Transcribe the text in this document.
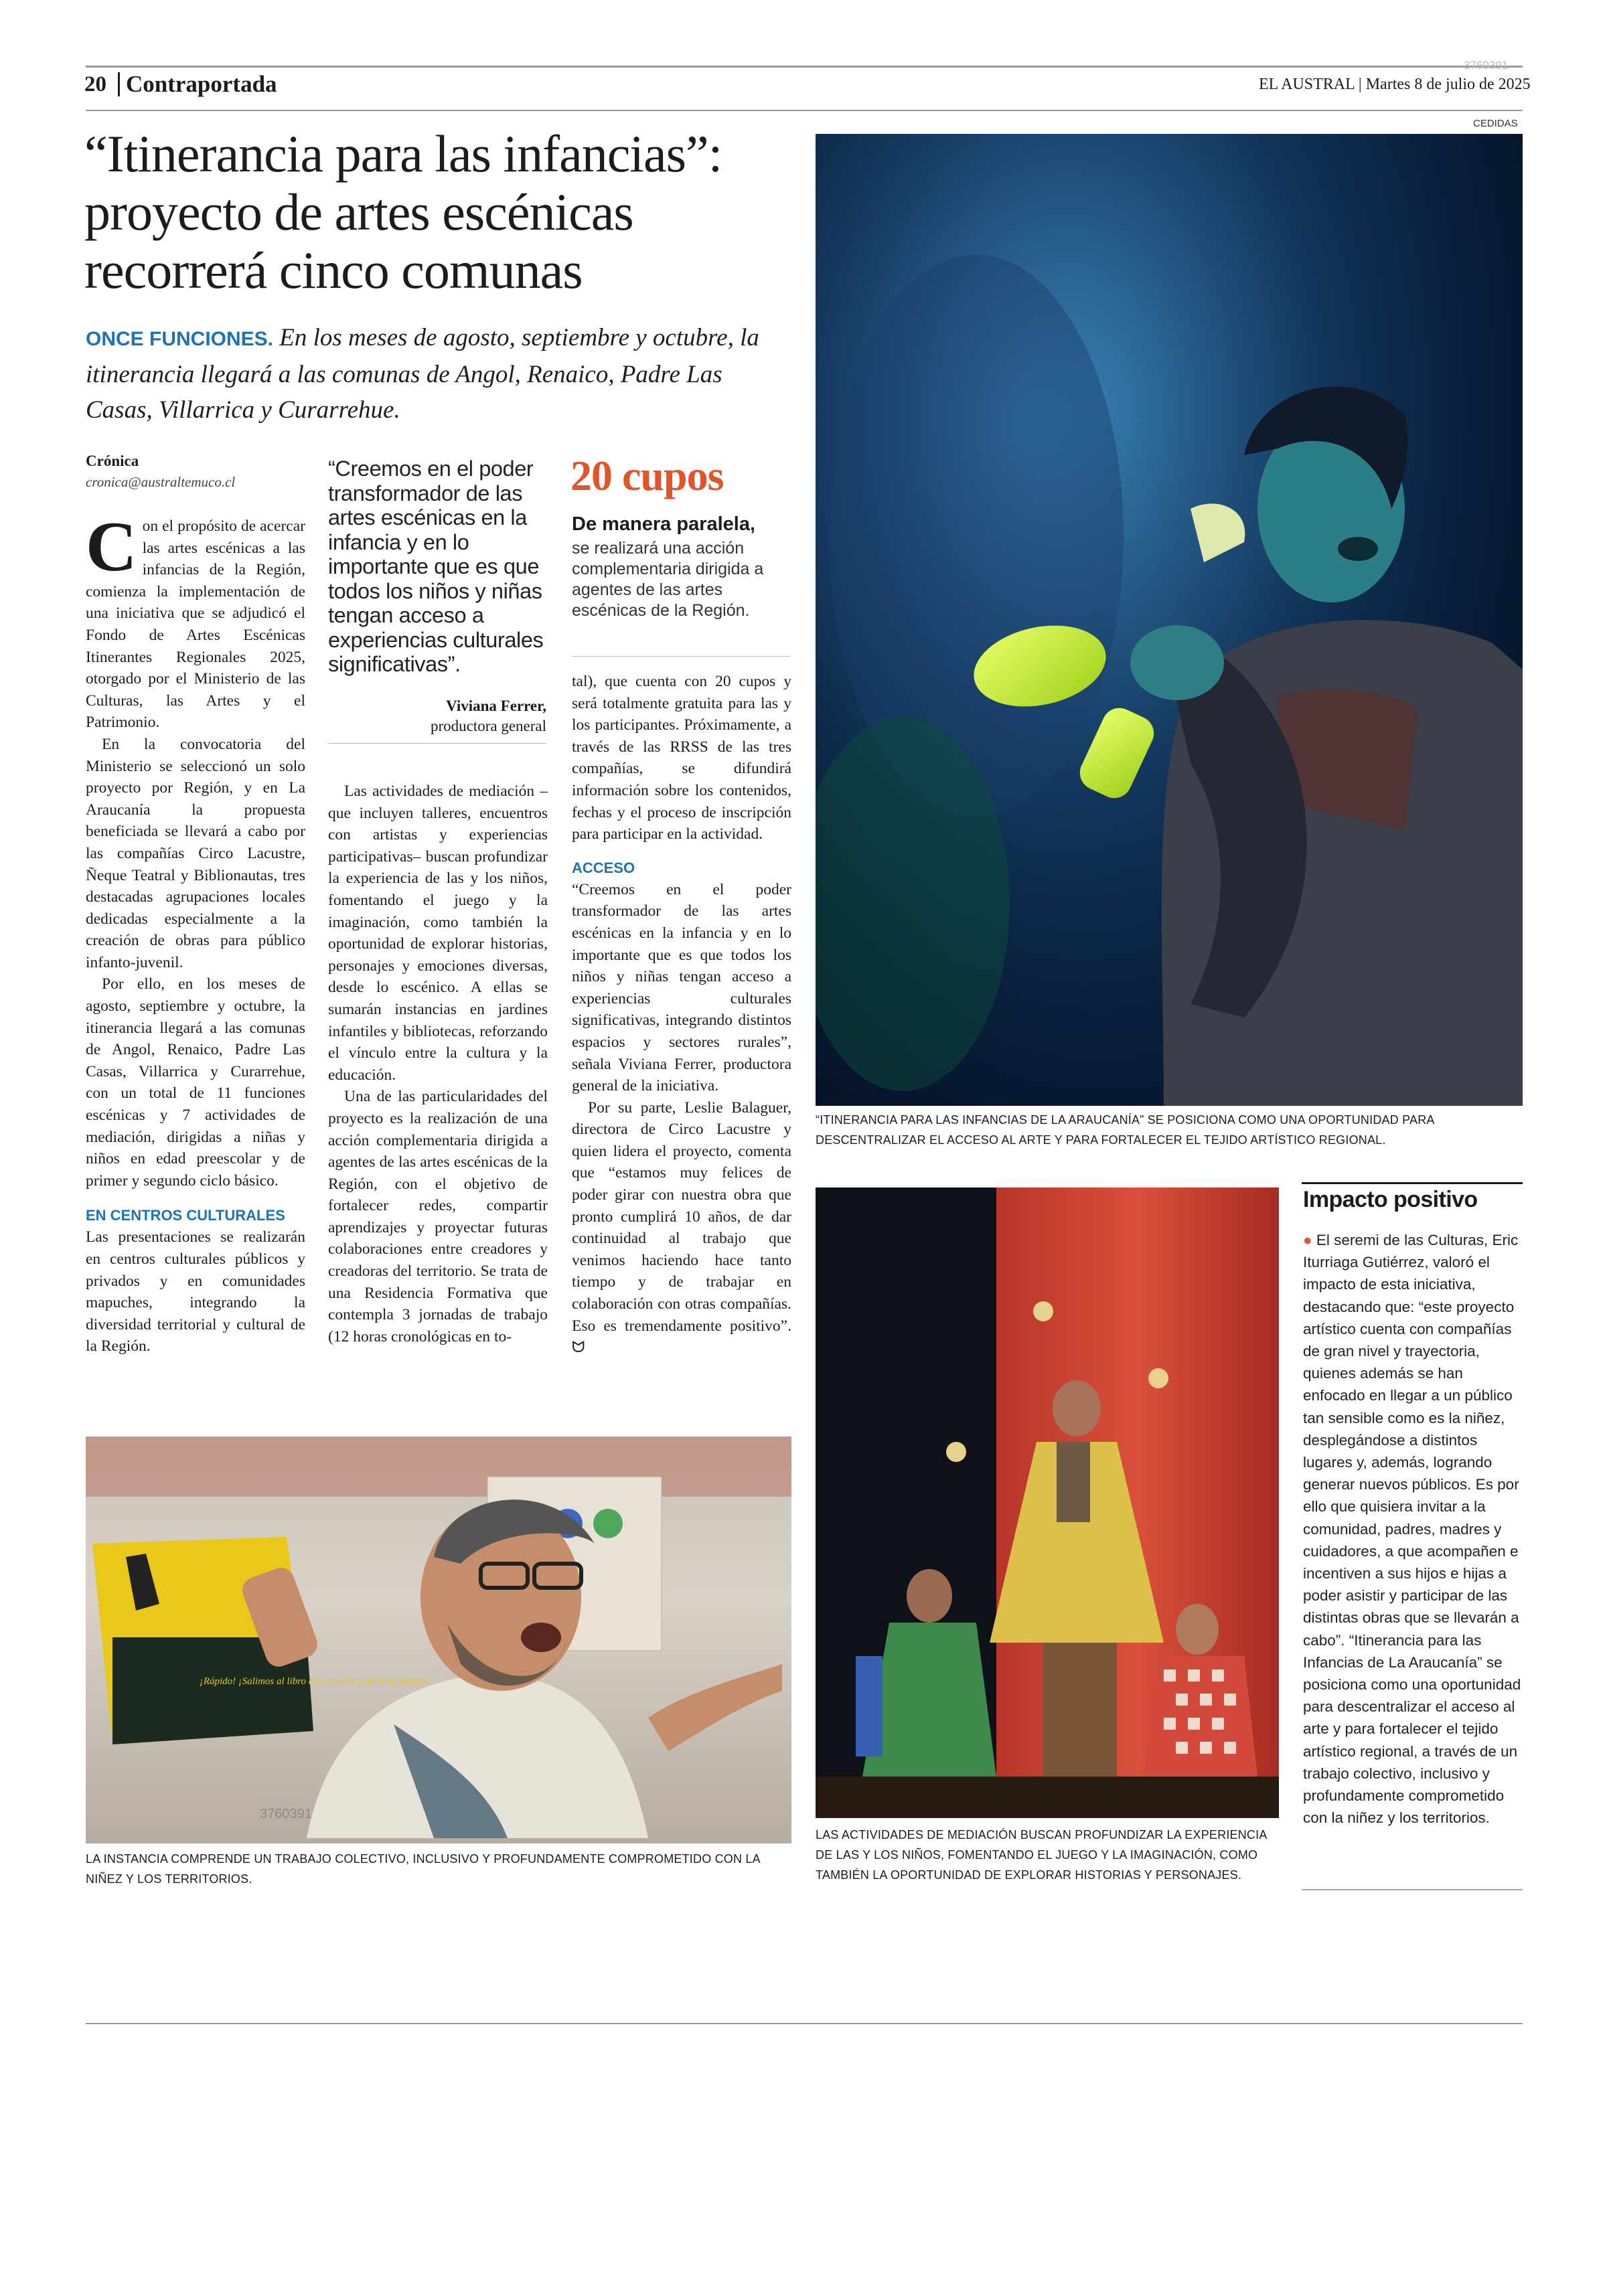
20 Contraportada
3760391
EL AUSTRAL | Martes 8 de julio de 2025
“Itinerancia para las infancias”: proyecto de artes escénicas recorrerá cinco comunas
ONCE FUNCIONES. En los meses de agosto, septiembre y octubre, la itinerancia llegará a las comunas de Angol, Renaico, Padre Las Casas, Villarrica y Curarrehue.
Crónica
cronica@australtemuco.cl

Con el propósito de acercar las artes escénicas a las infancias de la Región, comienza la implementación de una iniciativa que se adjudicó el Fondo de Artes Escénicas Itinerantes Regionales 2025, otorgado por el Ministerio de las Culturas, las Artes y el Patrimonio.

En la convocatoria del Ministerio se seleccionó un solo proyecto por Región, y en La Araucanía la propuesta beneficiada se llevará a cabo por las compañías Circo Lacustre, Ñeque Teatral y Biblionautas, tres destacadas agrupaciones locales dedicadas especialmente a la creación de obras para público infanto-juvenil.

Por ello, en los meses de agosto, septiembre y octubre, la itinerancia llegará a las comunas de Angol, Renaico, Padre Las Casas, Villarrica y Curarrehue, con un total de 11 funciones escénicas y 7 actividades de mediación, dirigidas a niñas y niños en edad preescolar y de primer y segundo ciclo básico.

EN CENTROS CULTURALES

Las presentaciones se realizarán en centros culturales públicos y privados y en comunidades mapuches, integrando la diversidad territorial y cultural de la Región.

“Creemos en el poder transformador de las artes escénicas en la infancia y en lo importante que es que todos los niños y niñas tengan acceso a experiencias culturales significativas”.
Viviana Ferrer,
productora general

Las actividades de mediación –que incluyen talleres, encuentros con artistas y experiencias participativas– buscan profundizar la experiencia de las y los niños, fomentando el juego y la imaginación, como también la oportunidad de explorar historias, personajes y emociones diversas, desde lo escénico. A ellas se sumarán instancias en jardines infantiles y bibliotecas, reforzando el vínculo entre la cultura y la educación.

Una de las particularidades del proyecto es la realización de una acción complementaria dirigida a agentes de las artes escénicas de la Región, con el objetivo de fortalecer redes, compartir aprendizajes y proyectar futuras colaboraciones entre creadores y creadoras del territorio. Se trata de una Residencia Formativa que contempla 3 jornadas de trabajo (12 horas cronológicas en to-

20 cupos
De manera paralela,
se realizará una acción complementaria dirigida a agentes de las artes escénicas de la Región.

tal), que cuenta con 20 cupos y será totalmente gratuita para las y los participantes. Próximamente, a través de las RRSS de las tres compañías, se difundirá información sobre los contenidos, fechas y el proceso de inscripción para participar en la actividad.

ACCESO

“Creemos en el poder transformador de las artes escénicas en la infancia y en lo importante que es que todos los niños y niñas tengan acceso a experiencias culturales significativas, integrando distintos espacios y sectores rurales”, señala Viviana Ferrer, productora general de la iniciativa.

Por su parte, Leslie Balaguer, directora de Circo Lacustre y quien lidera el proyecto, comenta que “estamos muy felices de poder girar con nuestra obra que pronto cumplirá 10 años, de dar continuidad al trabajo que venimos haciendo hace tanto tiempo y de trabajar en colaboración con otras compañías. Eso es tremendamente positivo”. ᗢ

CEDIDAS
“ITINERANCIA PARA LAS INFANCIAS DE LA ARAUCANÍA” SE POSICIONA COMO UNA OPORTUNIDAD PARA DESCENTRALIZAR EL ACCESO AL ARTE Y PARA FORTALECER EL TEJIDO ARTÍSTICO REGIONAL.
¡Rápido! ¡Salimos al libro a la cancha y gana la página!
3760391
LA INSTANCIA COMPRENDE UN TRABAJO COLECTIVO, INCLUSIVO Y PROFUNDAMENTE COMPROMETIDO CON LA NIÑEZ Y LOS TERRITORIOS.
LAS ACTIVIDADES DE MEDIACIÓN BUSCAN PROFUNDIZAR LA EXPERIENCIA DE LAS Y LOS NIÑOS, FOMENTANDO EL JUEGO Y LA IMAGINACIÓN, COMO TAMBIÉN LA OPORTUNIDAD DE EXPLORAR HISTORIAS Y PERSONAJES.
Impacto positivo
● El seremi de las Culturas, Eric Iturriaga Gutiérrez, valoró el impacto de esta iniciativa, destacando que: “este proyecto artístico cuenta con compañías de gran nivel y trayectoria, quienes además se han enfocado en llegar a un público tan sensible como es la niñez, desplegándose a distintos lugares y, además, logrando generar nuevos públicos. Es por ello que quisiera invitar a la comunidad, padres, madres y cuidadores, a que acompañen e incentiven a sus hijos e hijas a poder asistir y participar de las distintas obras que se llevarán a cabo”. “Itinerancia para las Infancias de La Araucanía” se posiciona como una oportunidad para descentralizar el acceso al arte y para fortalecer el tejido artístico regional, a través de un trabajo colectivo, inclusivo y profundamente comprometido con la niñez y los territorios.
